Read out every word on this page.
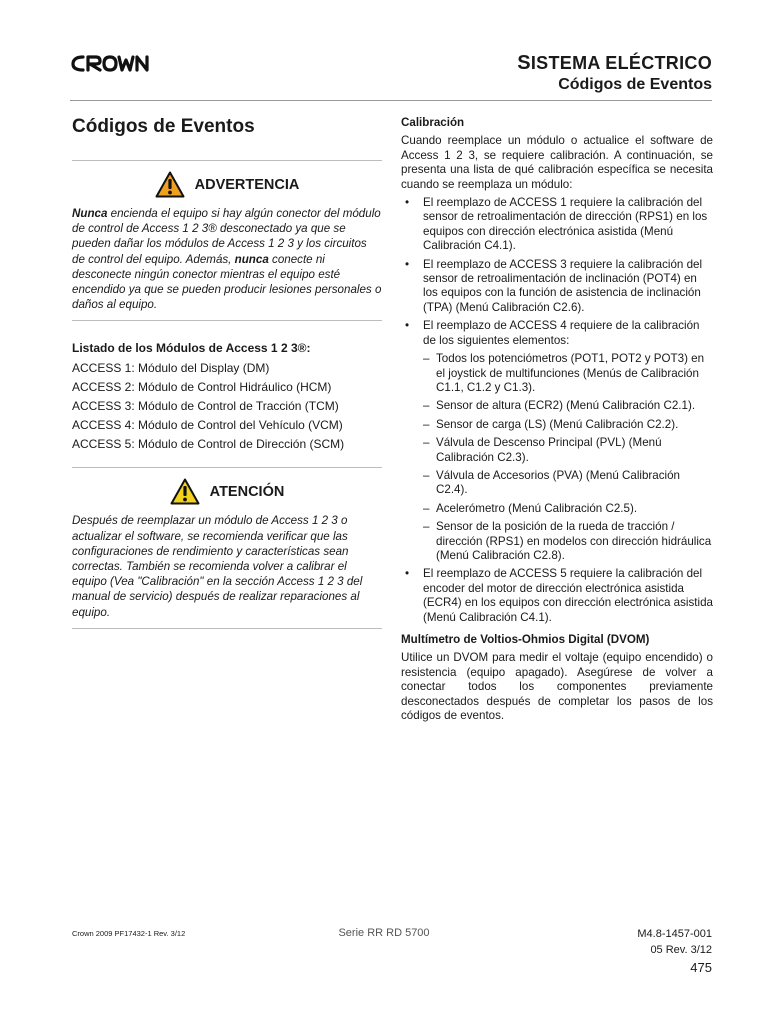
SISTEMA ELÉCTRICO
Códigos de Eventos
Códigos de Eventos
ADVERTENCIA

Nunca encienda el equipo si hay algún conector del módulo de control de Access 1 2 3® desconectado ya que se pueden dañar los módulos de Access 1 2 3 y los circuitos de control del equipo. Además, nunca conecte ni desconecte ningún conector mientras el equipo esté encendido ya que se pueden producir lesiones personales o daños al equipo.

Listado de los Módulos de Access 1 2 3®:
ACCESS 1: Módulo del Display (DM)
ACCESS 2: Módulo de Control Hidráulico (HCM)
ACCESS 3: Módulo de Control de Tracción (TCM)
ACCESS 4: Módulo de Control del Vehículo (VCM)
ACCESS 5: Módulo de Control de Dirección (SCM)
ATENCIÓN

Después de reemplazar un módulo de Access 1 2 3 o actualizar el software, se recomienda verificar que las configuraciones de rendimiento y características sean correctas. También se recomienda volver a calibrar el equipo (Vea "Calibración" en la sección Access 1 2 3 del manual de servicio) después de realizar reparaciones al equipo.

Calibración

Cuando reemplace un módulo o actualice el software de Access 1 2 3, se requiere calibración. A continuación, se presenta una lista de qué calibración específica se necesita cuando se reemplaza un módulo:

• El reemplazo de ACCESS 1 requiere la calibración del sensor de retroalimentación de dirección (RPS1) en los equipos con dirección electrónica asistida (Menú Calibración C4.1).
• El reemplazo de ACCESS 3 requiere la calibración del sensor de retroalimentación de inclinación (POT4) en los equipos con la función de asistencia de inclinación (TPA) (Menú Calibración C2.6).
• El reemplazo de ACCESS 4 requiere de la calibración de los siguientes elementos:
– Todos los potenciómetros (POT1, POT2 y POT3) en el joystick de multifunciones (Menús de Calibración C1.1, C1.2 y C1.3).
– Sensor de altura (ECR2) (Menú Calibración C2.1).
– Sensor de carga (LS) (Menú Calibración C2.2).
– Válvula de Descenso Principal (PVL) (Menú Calibración C2.3).
– Válvula de Accesorios (PVA) (Menú Calibración C2.4).
– Acelerómetro (Menú Calibración C2.5).
– Sensor de la posición de la rueda de tracción / dirección (RPS1) en modelos con dirección hidráulica (Menú Calibración C2.8).
• El reemplazo de ACCESS 5 requiere la calibración del encoder del motor de dirección electrónica asistida (ECR4) en los equipos con dirección electrónica asistida (Menú Calibración C4.1).
Multímetro de Voltios-Ohmios Digital (DVOM)

Utilice un DVOM para medir el voltaje (equipo encendido) o resistencia (equipo apagado). Asegúrese de volver a conectar todos los componentes previamente desconectados después de completar los pasos de los códigos de eventos.

Crown 2009 PF17432-1 Rev. 3/12	Serie RR RD 5700	M4.8-1457-001
05 Rev. 3/12
475
